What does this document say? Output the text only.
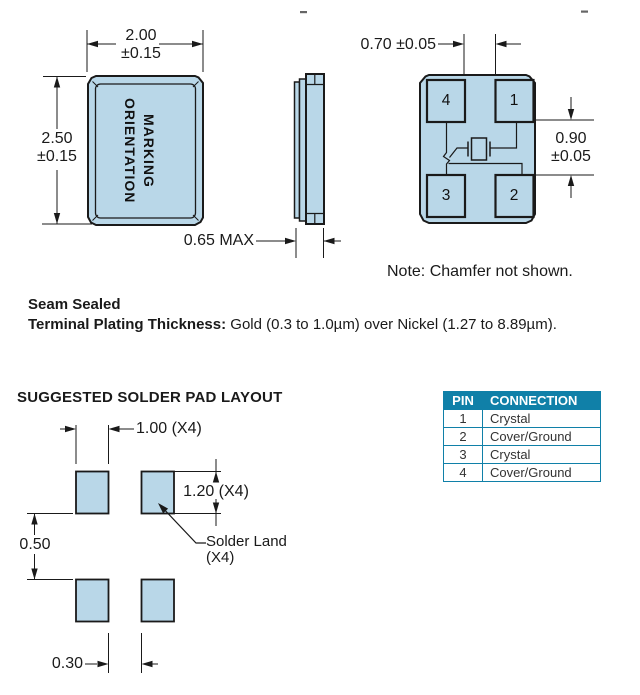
2.00
±0.15
2.50
±0.15	MARKING ORIENTATION
0.65 MAX
0.70 ±0.05
0.90
±0.05
4	1
3	2
Note: Chamfer not shown.
Seam Sealed
Terminal Plating Thickness: Gold (0.3 to 1.0µm) over Nickel (1.27 to 8.89µm).
SUGGESTED SOLDER PAD LAYOUT
1.00 (X4)
1.20 (X4)
0.50
0.30
Solder Land
(X4)
PIN	CONNECTION
1	Crystal
2	Cover/Ground
3	Crystal
4	Cover/Ground
